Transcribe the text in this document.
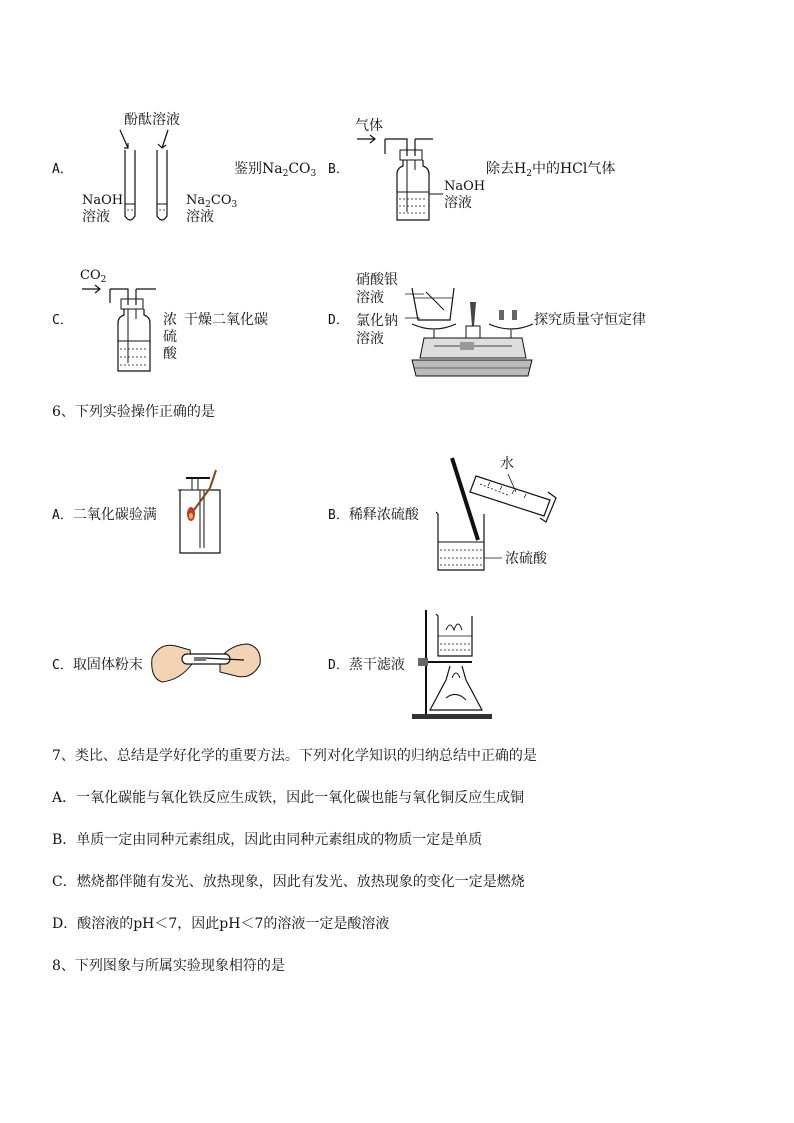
A．
酚酞溶液
NaOH
溶液
$Na_2CO_3$
溶液
鉴别$Na_2CO_3$ B．
气体
NaOH
溶液
除去$H_2$中的HCl气体
C．
$CO_2$
浓硫酸
干燥二氧化碳	D．
硝酸银
溶液
氯化钠
溶液
探究质量守恒定律
6、下列实验操作正确的是
A．二氧化碳验满	B．稀释浓硫酸
水
浓硫酸
C．取固体粉末	D．蒸干滤液
7、类比、总结是学好化学的重要方法。下列对化学知识的归纳总结中正确的是
A．一氧化碳能与氧化铁反应生成铁，因此一氧化碳也能与氧化铜反应生成铜
B．单质一定由同种元素组成，因此由同种元素组成的物质一定是单质
C．燃烧都伴随有发光、放热现象，因此有发光、放热现象的变化一定是燃烧
D．酸溶液的pH＜7，因此pH＜7的溶液一定是酸溶液
8、下列图象与所属实验现象相符的是
